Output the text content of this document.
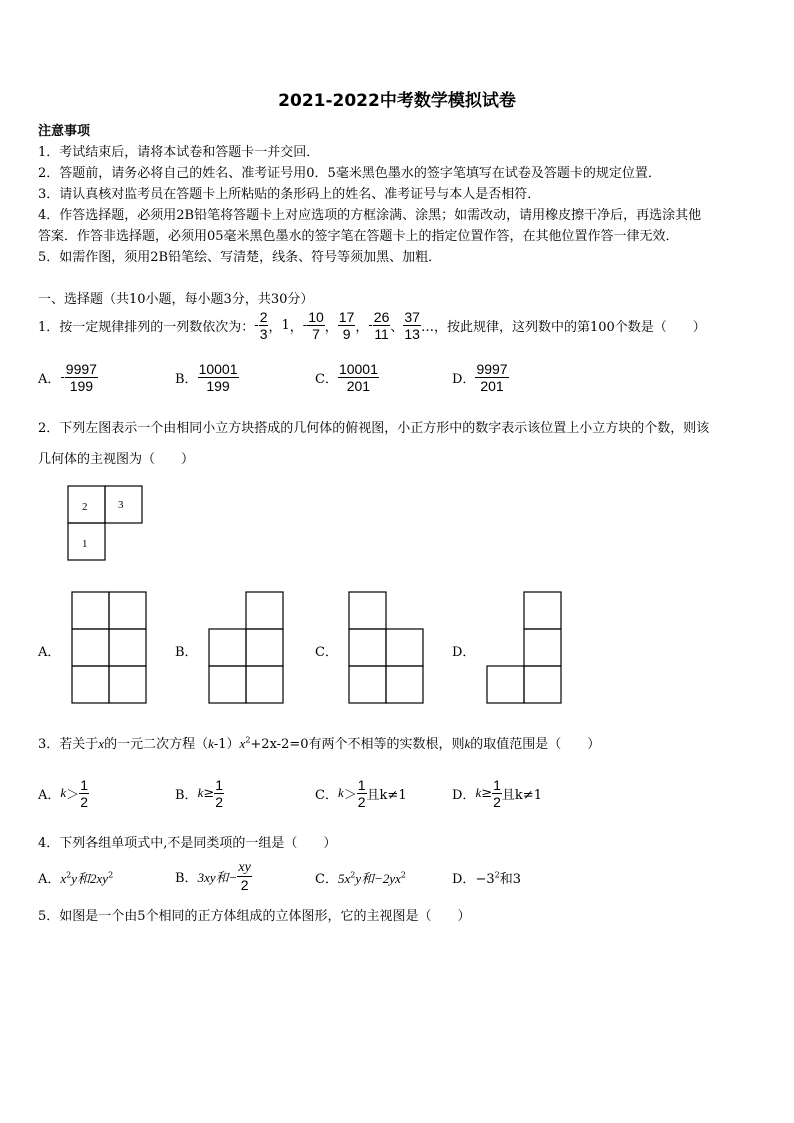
2021-2022中考数学模拟试卷
注意事项
1．考试结束后，请将本试卷和答题卡一并交回．
2．答题前，请务必将自己的姓名、准考证号用0．5毫米黑色墨水的签字笔填写在试卷及答题卡的规定位置．
3．请认真核对监考员在答题卡上所粘贴的条形码上的姓名、准考证号与本人是否相符．
4．作答选择题，必须用2B铅笔将答题卡上对应选项的方框涂满、涂黑；如需改动，请用橡皮擦干净后，再选涂其他
答案．作答非选择题，必须用05毫米黑色墨水的签字笔在答题卡上的指定位置作答，在其他位置作答一律无效．
5．如需作图，须用2B铅笔绘、写清楚，线条、符号等须加黑、加粗．
一、选择题（共10小题，每小题3分，共30分）
1．按一定规律排列的一列数依次为： - $\frac{2}{3}$ ， 1 ， - $\frac{10}{7}$ ， $\frac{17}{9}$ ， - $\frac{26}{11}$ 、 $\frac{37}{13}$ …，按此规律，这列数中的第100个数是（　　）
A． - $\frac{9997}{199}$	B． $\frac{10001}{199}$	C． $\frac{10001}{201}$	D． $\frac{9997}{201}$
2．下列左图表示一个由相同小立方块搭成的几何体的俯视图，小正方形中的数字表示该位置上小立方块的个数，则该
几何体的主视图为（　　）
2	3
1
A．	B．	C．	D．
3．若关于x的一元二次方程$(k-1)x^2+2x-2=0$有两个不相等的实数根，则k的取值范围是（　　）
A． $k > \frac{1}{2}$	B． $k \ge \frac{1}{2}$	C． $k > \frac{1}{2}$ 且k≠1	D． $k \ge \frac{1}{2}$ 且k≠1
4．下列各组单项式中,不是同类项的一组是（　　）
A．$x^2y$和$2xy^2$	B． 3xy和− $\frac{xy}{2}$	C．$5x^2y$和$-2yx^2$	D．$-3^2$和3
5．如图是一个由5个相同的正方体组成的立体图形，它的主视图是（　　）
